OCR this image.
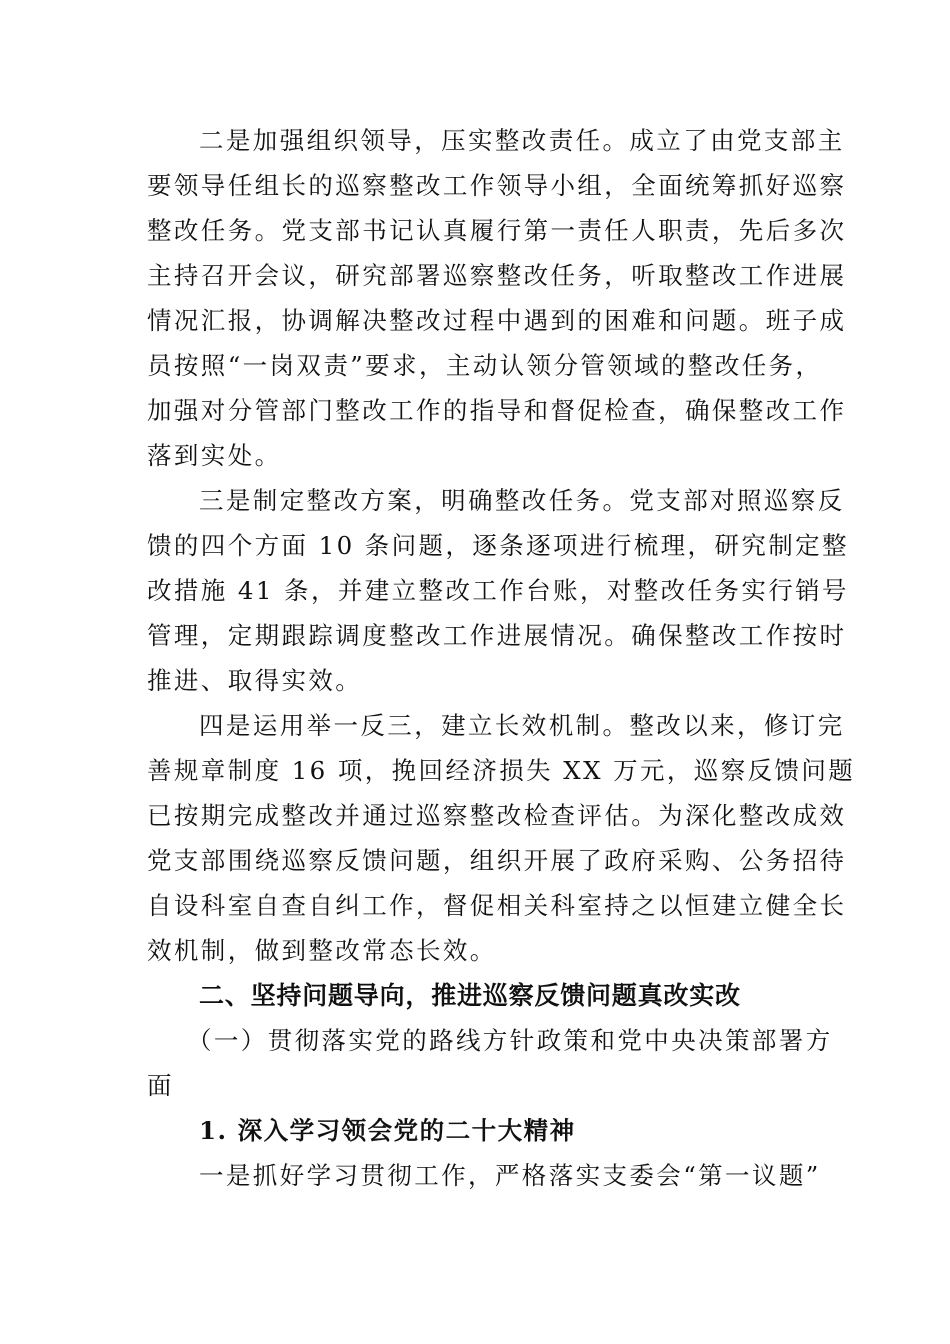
二是加强组织领导，压实整改责任。成立了由党支部主
要领导任组长的巡察整改工作领导小组，全面统筹抓好巡察
整改任务。党支部书记认真履行第一责任人职责，先后多次
主持召开会议，研究部署巡察整改任务，听取整改工作进展
情况汇报，协调解决整改过程中遇到的困难和问题。班子成
员按照“一岗双责”要求，主动认领分管领域的整改任务，
加强对分管部门整改工作的指导和督促检查，确保整改工作
落到实处。
三是制定整改方案，明确整改任务。党支部对照巡察反
馈的四个方面 10 条问题，逐条逐项进行梳理，研究制定整
改措施 41 条，并建立整改工作台账，对整改任务实行销号
管理，定期跟踪调度整改工作进展情况。确保整改工作按时
推进、取得实效。
四是运用举一反三，建立长效机制。整改以来，修订完
善规章制度 16 项，挽回经济损失 XX 万元，巡察反馈问题
已按期完成整改并通过巡察整改检查评估。为深化整改成效
党支部围绕巡察反馈问题，组织开展了政府采购、公务招待
自设科室自查自纠工作，督促相关科室持之以恒建立健全长
效机制，做到整改常态长效。
二、坚持问题导向，推进巡察反馈问题真改实改
（一）贯彻落实党的路线方针政策和党中央决策部署方
面
1. 深入学习领会党的二十大精神
一是抓好学习贯彻工作，严格落实支委会“第一议题”
